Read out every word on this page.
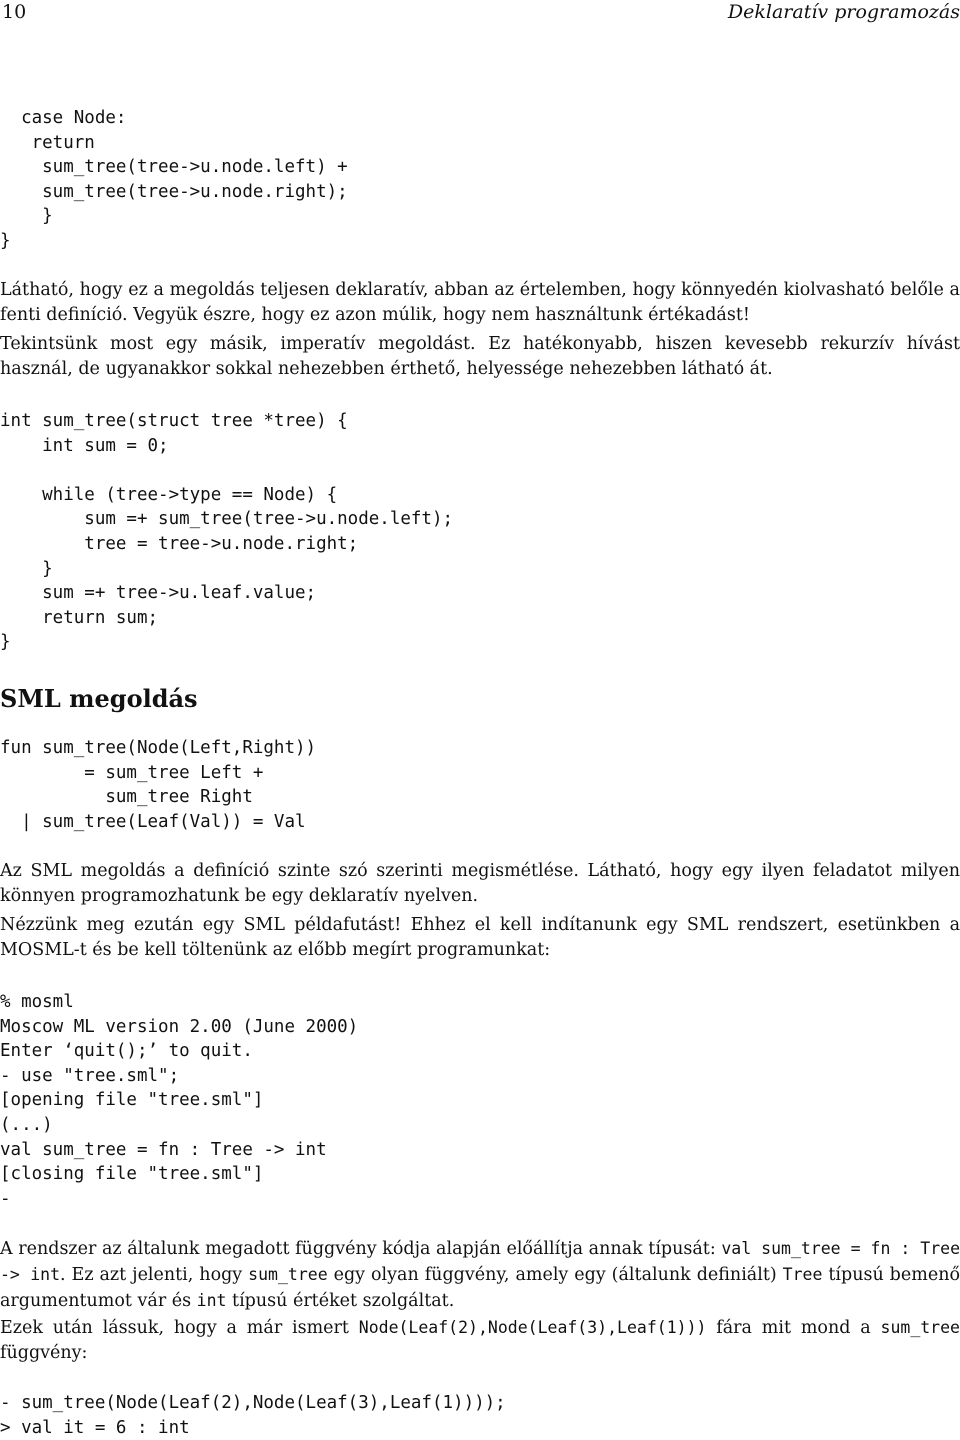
10	Deklaratív programozás
case Node:
return
sum_tree(tree->u.node.left) +
sum_tree(tree->u.node.right);
}
}

Látható, hogy ez a megoldás teljesen deklaratív, abban az értelemben, hogy könnyedén kiolvasható belőle a fenti definíció. Vegyük észre, hogy ez azon múlik, hogy nem használtunk értékadást!

Tekintsünk most egy másik, imperatív megoldást. Ez hatékonyabb, hiszen kevesebb rekurzív hívást használ, de ugyanakkor sokkal nehezebben érthető, helyessége nehezebben látható át.

int sum_tree(struct tree *tree) {
int sum = 0;

while (tree->type == Node) {
sum =+ sum_tree(tree->u.node.left);
tree = tree->u.node.right;
}
sum =+ tree->u.leaf.value;
return sum;
}
SML megoldás
fun sum_tree(Node(Left,Right))
= sum_tree Left +
sum_tree Right
| sum_tree(Leaf(Val)) = Val

Az SML megoldás a definíció szinte szó szerinti megismétlése. Látható, hogy egy ilyen feladatot milyen könnyen programozhatunk be egy deklaratív nyelven.

Nézzünk meg ezután egy SML példafutást! Ehhez el kell indítanunk egy SML rendszert, esetünkben a MOSML-t és be kell töltenünk az előbb megírt programunkat:

% mosml
Moscow ML version 2.00 (June 2000)
Enter ‘quit();’ to quit.
- use "tree.sml";
[opening file "tree.sml"]
(...)
val sum_tree = fn : Tree -> int
[closing file "tree.sml"]
-

A rendszer az általunk megadott függvény kódja alapján előállítja annak típusát: val sum_tree = fn : Tree -> int. Ez azt jelenti, hogy sum_tree egy olyan függvény, amely egy (általunk definiált) Tree típusú bemenő argumentumot vár és int típusú értéket szolgáltat.

Ezek után lássuk, hogy a már ismert Node(Leaf(2),Node(Leaf(3),Leaf(1))) fára mit mond a sum_tree függvény:

- sum_tree(Node(Leaf(2),Node(Leaf(3),Leaf(1))));
> val it = 6 : int
